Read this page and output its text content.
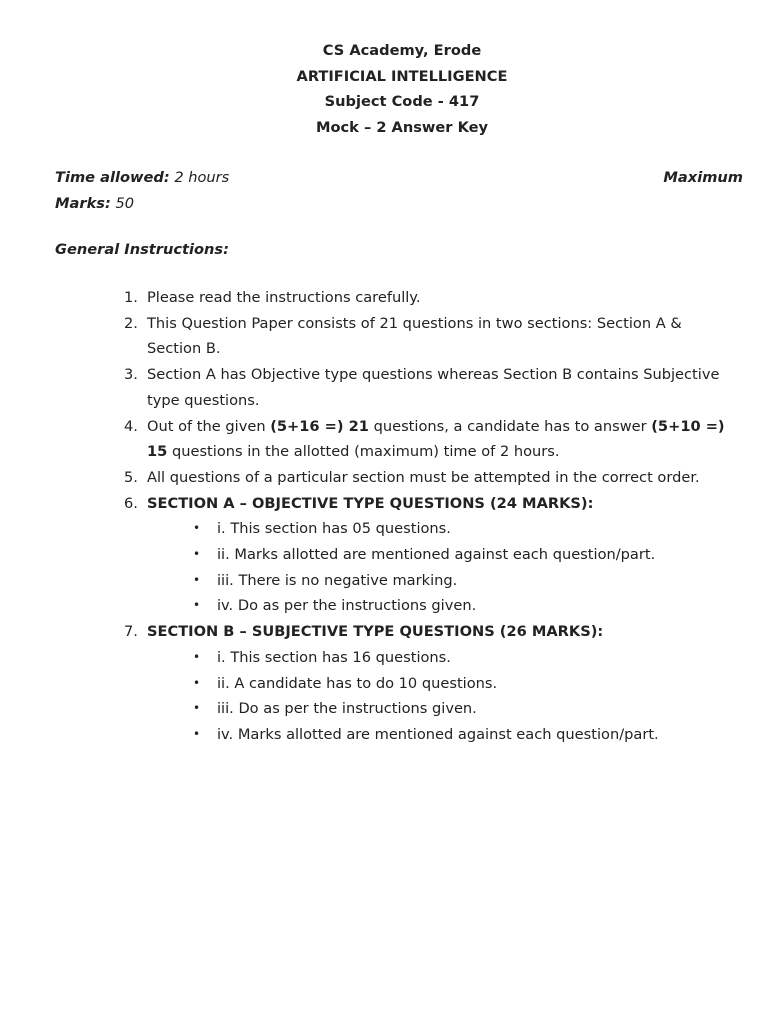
CS Academy, Erode
ARTIFICIAL INTELLIGENCE
Subject Code - 417
Mock – 2 Answer Key
Time allowed: 2 hours	Maximum
Marks: 50
General Instructions:
1. Please read the instructions carefully.
2. This Question Paper consists of 21 questions in two sections: Section A & Section B.
3. Section A has Objective type questions whereas Section B contains Subjective type questions.
4. Out of the given (5+16 =) 21 questions, a candidate has to answer (5+10 =) 15 questions in the allotted (maximum) time of 2 hours.
5. All questions of a particular section must be attempted in the correct order.
6. SECTION A – OBJECTIVE TYPE QUESTIONS (24 MARKS):
•	i. This section has 05 questions.
•	ii. Marks allotted are mentioned against each question/part.
•	iii. There is no negative marking.
•	iv. Do as per the instructions given.
7. SECTION B – SUBJECTIVE TYPE QUESTIONS (26 MARKS):
•	i. This section has 16 questions.
•	ii. A candidate has to do 10 questions.
•	iii. Do as per the instructions given.
•	iv. Marks allotted are mentioned against each question/part.
